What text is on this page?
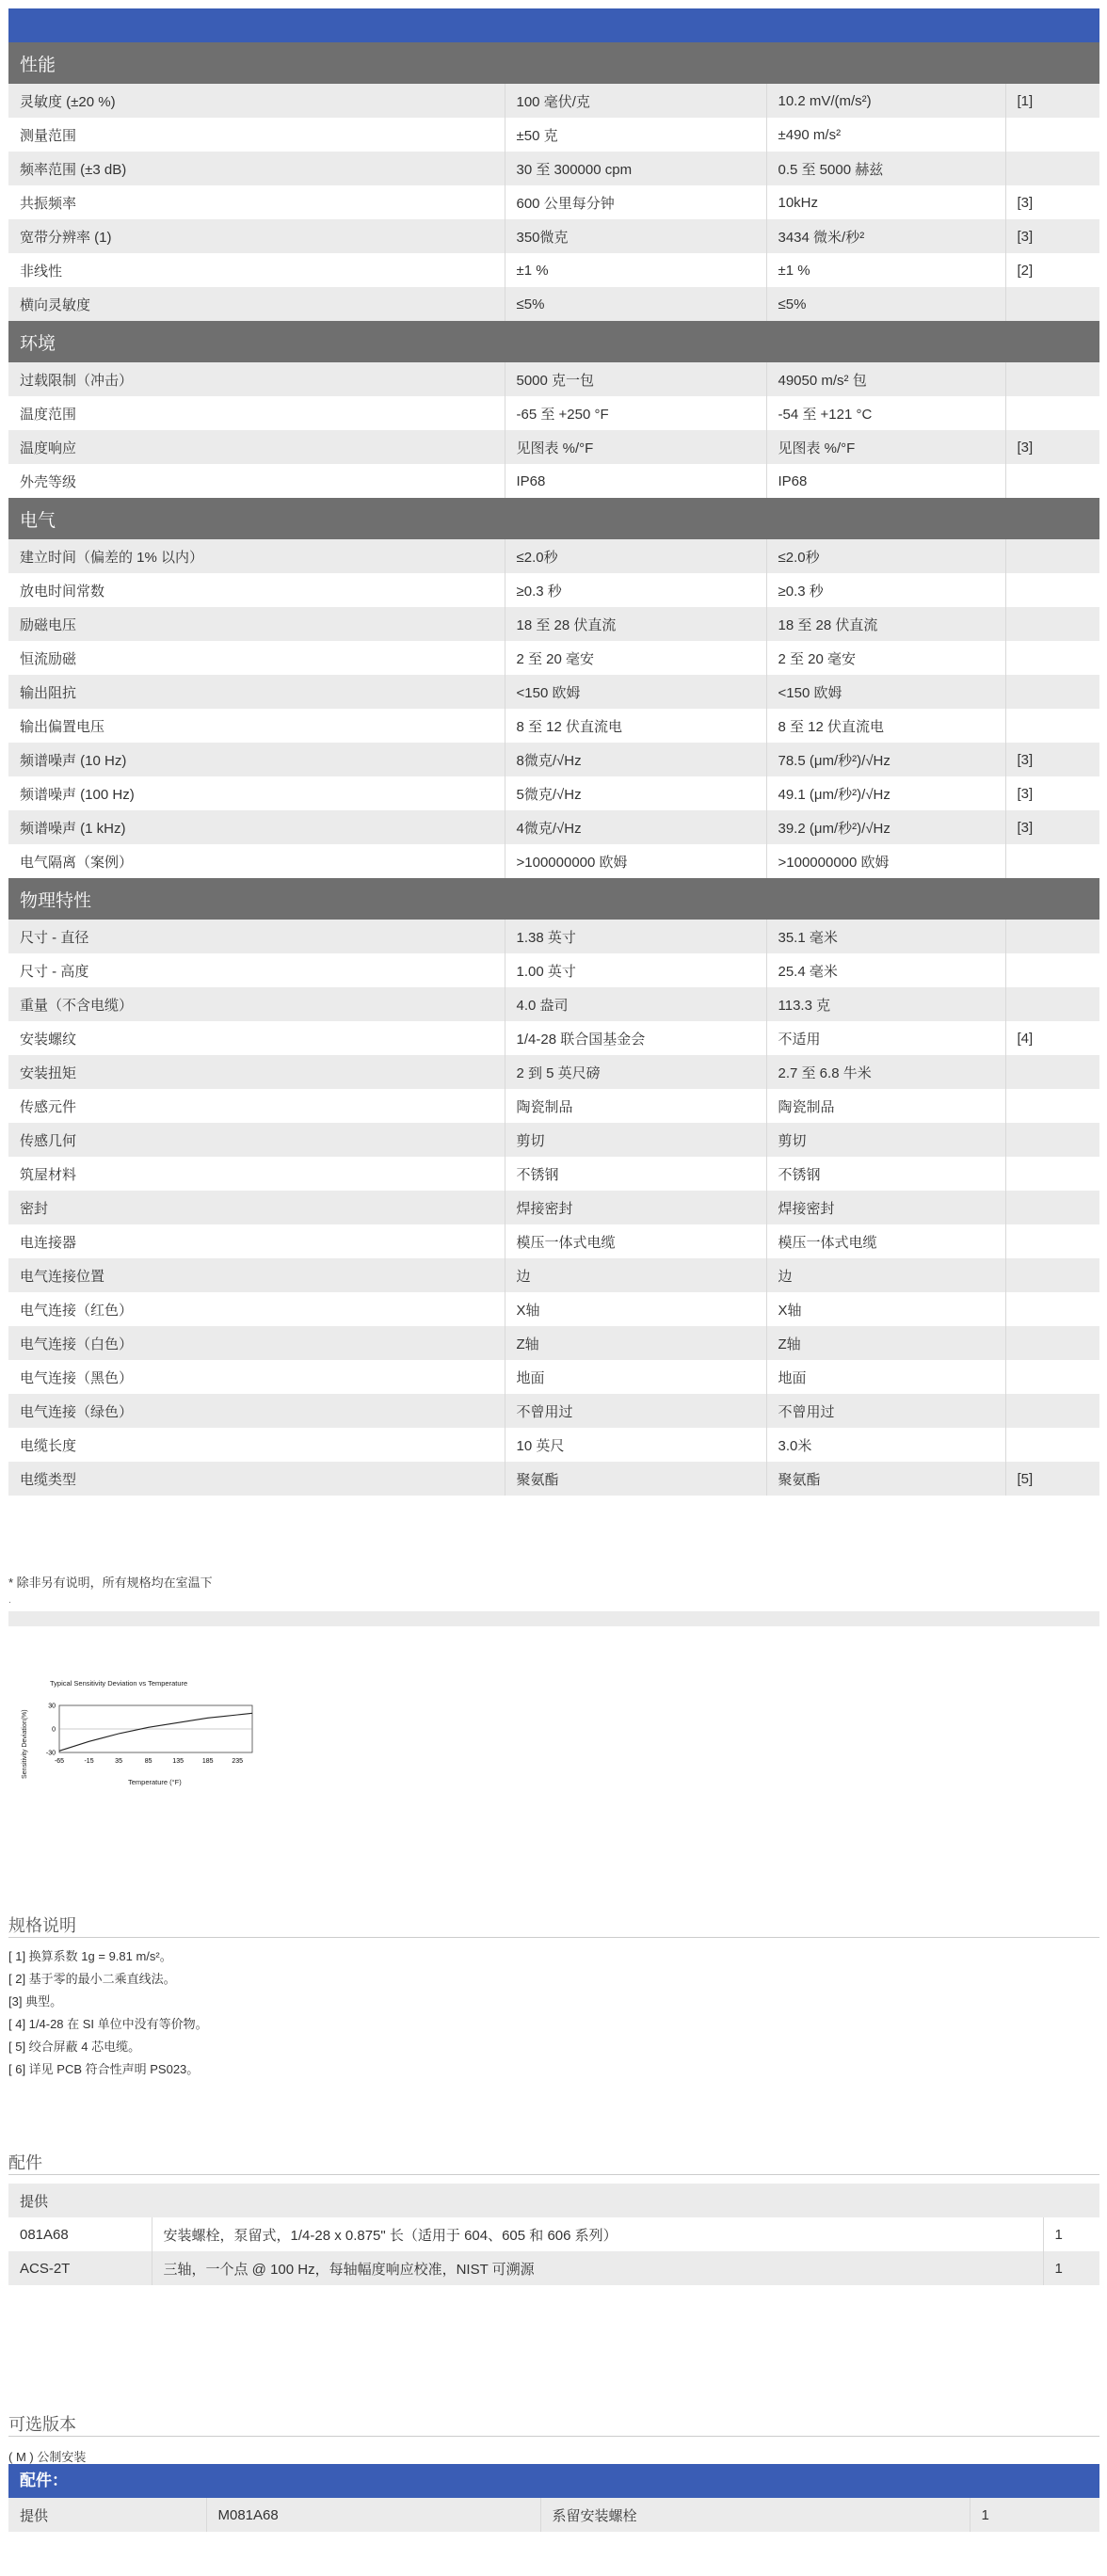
性能			
灵敏度 (±20 %)	100 毫伏/克	10.2 mV/(m/s²)	[1]
测量范围	±50 克	±490 m/s²	
频率范围 (±3 dB)	30 至 300000 cpm	0.5 至 5000 赫兹	
共振频率	600 公里每分钟	10kHz	[3]
宽带分辨率 (1)	350微克	3434 微米/秒²	[3]
非线性	±1 %	±1 %	[2]
横向灵敏度	≤5%	≤5%	
环境			
过载限制（冲击）	5000 克一包	49050 m/s² 包	
温度范围	-65 至 +250 °F	-54 至 +121 °C	
温度响应	见图表 %/°F	见图表 %/°F	[3]
外壳等级	IP68	IP68	
电气			
建立时间（偏差的 1% 以内）	≤2.0秒	≤2.0秒	
放电时间常数	≥0.3 秒	≥0.3 秒	
励磁电压	18 至 28 伏直流	18 至 28 伏直流	
恒流励磁	2 至 20 毫安	2 至 20 毫安	
输出阻抗	<150 欧姆	<150 欧姆	
输出偏置电压	8 至 12 伏直流电	8 至 12 伏直流电	
频谱噪声 (10 Hz)	8微克/√Hz	78.5 (μm/秒²)/√Hz	[3]
频谱噪声 (100 Hz)	5微克/√Hz	49.1 (μm/秒²)/√Hz	[3]
频谱噪声 (1 kHz)	4微克/√Hz	39.2 (μm/秒²)/√Hz	[3]
电气隔离（案例）	>100000000 欧姆	>100000000 欧姆	
物理特性			
尺寸 - 直径	1.38 英寸	35.1 毫米	
尺寸 - 高度	1.00 英寸	25.4 毫米	
重量（不含电缆）	4.0 盎司	113.3 克	
安装螺纹	1/4-28 联合国基金会	不适用	[4]
安装扭矩	2 到 5 英尺磅	2.7 至 6.8 牛米	
传感元件	陶瓷制品	陶瓷制品	
传感几何	剪切	剪切	
筑屋材料	不锈钢	不锈钢	
密封	焊接密封	焊接密封	
电连接器	模压一体式电缆	模压一体式电缆	
电气连接位置	边	边	
电气连接（红色）	X轴	X轴	
电气连接（白色）	Z轴	Z轴	
电气连接（黑色）	地面	地面	
电气连接（绿色）	不曾用过	不曾用过	
电缆长度	10 英尺	3.0米	
电缆类型	聚氨酯	聚氨酯	[5]
* 除非另有说明，所有规格均在室温下
.
Typical Sensitivity Deviation vs Temperature
30
0
-30
-65	-15	35	85	135	185	235
Temperature (°F)
Sensitivity Deviation(%)
规格说明
[ 1] 换算系数 1g = 9.81 m/s²。
[ 2] 基于零的最小二乘直线法。
[3] 典型。
[ 4] 1/4-28 在 SI 单位中没有等价物。
[ 5] 绞合屏蔽 4 芯电缆。
[ 6] 详见 PCB 符合性声明 PS023。
配件
提供		
081A68	安装螺栓，泵留式，1/4-28 x 0.875" 长（适用于 604、605 和 606 系列）	1
ACS-2T	三轴，一个点 @ 100 Hz，每轴幅度响应校准，NIST 可溯源	1
可选版本
( M ) 公制安装
配件：
提供	M081A68	系留安装螺栓	1
